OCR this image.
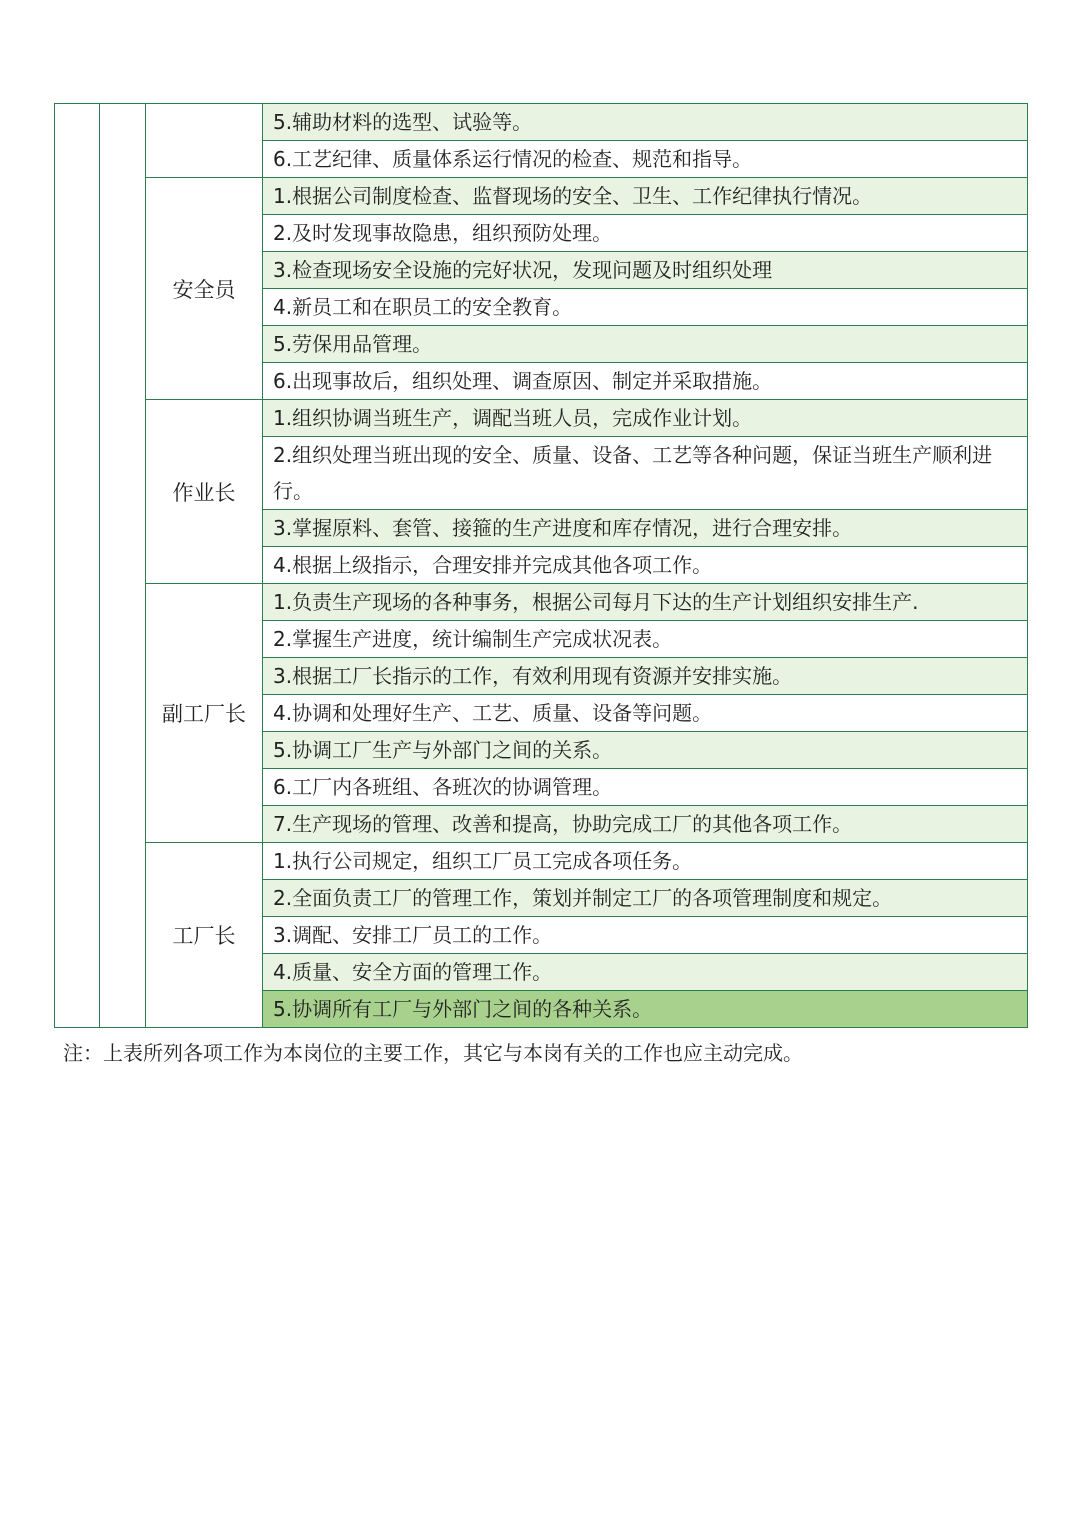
			5.辅助材料的选型、试验等。
			6.工艺纪律、质量体系运行情况的检查、规范和指导。
		安全员	1.根据公司制度检查、监督现场的安全、卫生、工作纪律执行情况。
			2.及时发现事故隐患，组织预防处理。
			3.检查现场安全设施的完好状况，发现问题及时组织处理
			4.新员工和在职员工的安全教育。
			5.劳保用品管理。
			6.出现事故后，组织处理、调查原因、制定并采取措施。
		作业长	1.组织协调当班生产，调配当班人员，完成作业计划。
			2.组织处理当班出现的安全、质量、设备、工艺等各种问题，保证当班生产顺利进行。
			3.掌握原料、套管、接箍的生产进度和库存情况，进行合理安排。
			4.根据上级指示，合理安排并完成其他各项工作。
		副工厂长	1.负责生产现场的各种事务，根据公司每月下达的生产计划组织安排生产.
			2.掌握生产进度，统计编制生产完成状况表。
			3.根据工厂长指示的工作，有效利用现有资源并安排实施。
			4.协调和处理好生产、工艺、质量、设备等问题。
			5.协调工厂生产与外部门之间的关系。
			6.工厂内各班组、各班次的协调管理。
			7.生产现场的管理、改善和提高，协助完成工厂的其他各项工作。
		工厂长	1.执行公司规定，组织工厂员工完成各项任务。
			2.全面负责工厂的管理工作，策划并制定工厂的各项管理制度和规定。
			3.调配、安排工厂员工的工作。
			4.质量、安全方面的管理工作。
			5.协调所有工厂与外部门之间的各种关系。
注：上表所列各项工作为本岗位的主要工作，其它与本岗有关的工作也应主动完成。
